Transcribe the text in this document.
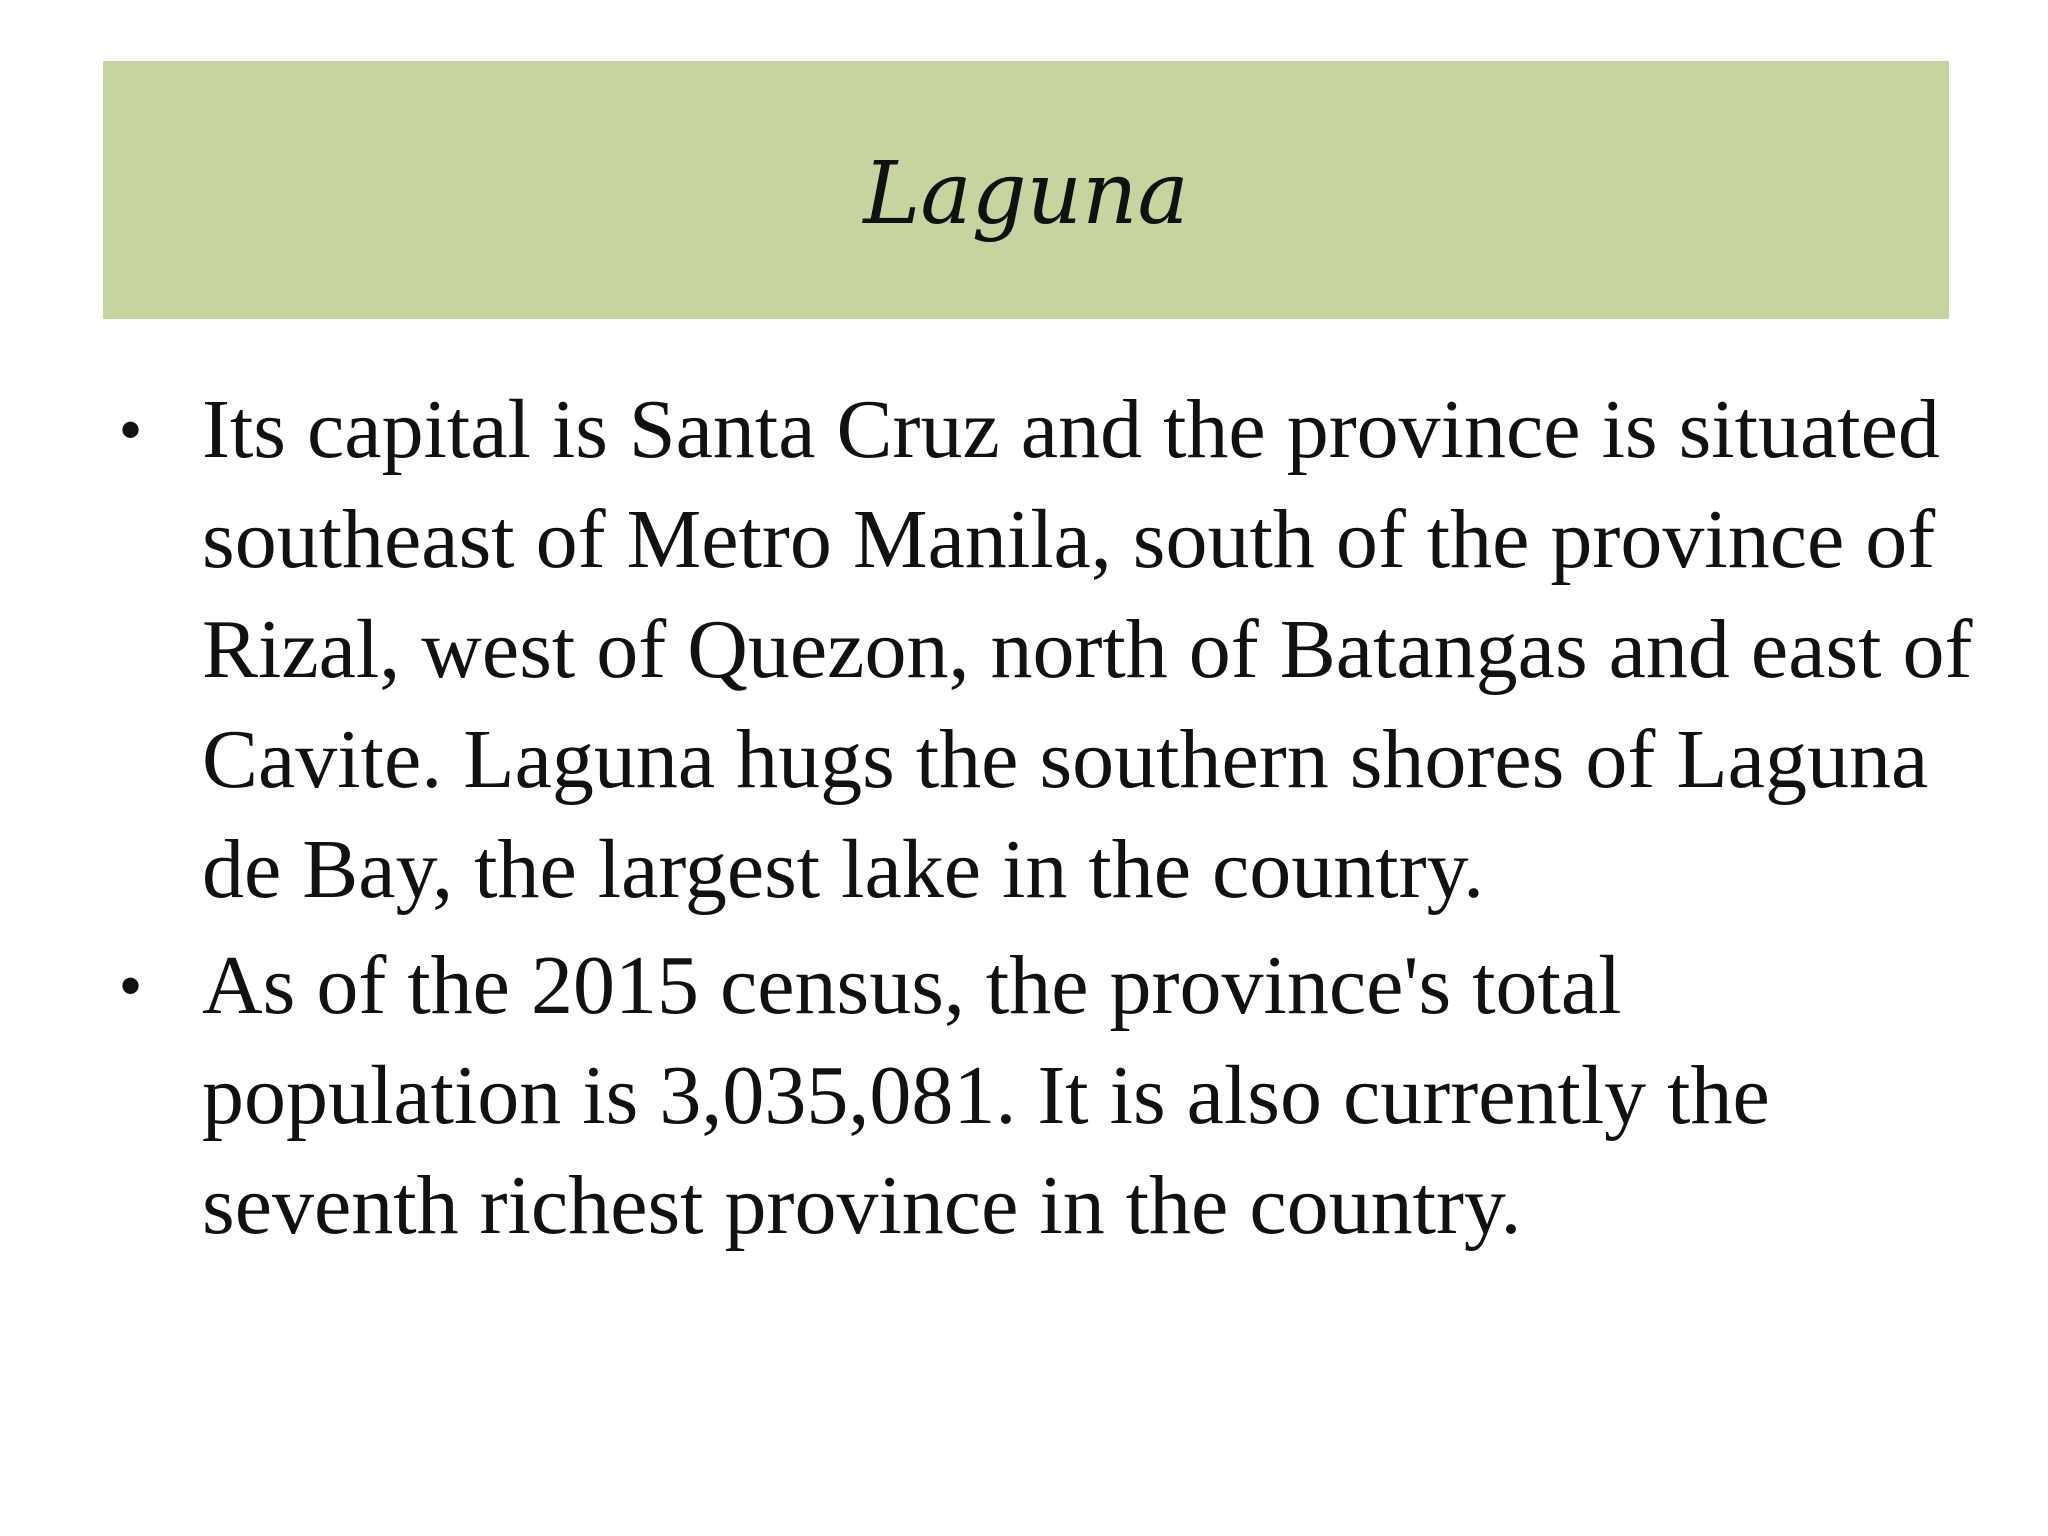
Laguna
• Its capital is Santa Cruz and the province is situated southeast of Metro Manila, south of the province of Rizal, west of Quezon, north of Batangas and east of Cavite. Laguna hugs the southern shores of Laguna de Bay, the largest lake in the country.
• As of the 2015 census, the province's total population is 3,035,081. It is also currently the seventh richest province in the country.
